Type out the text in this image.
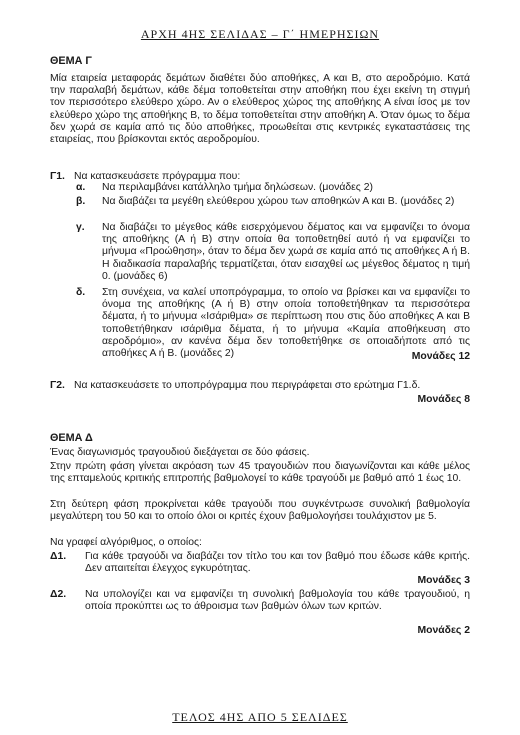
ΑΡΧΗ 4ΗΣ ΣΕΛΙΔΑΣ – Γ΄ ΗΜΕΡΗΣΙΩΝ
ΘΕΜΑ Γ
Μία εταιρεία μεταφοράς δεμάτων διαθέτει δύο αποθήκες, Α και Β, στο αεροδρόμιο. Κατά την παραλαβή δεμάτων, κάθε δέμα τοποθετείται στην αποθήκη που έχει εκείνη τη στιγμή τον περισσότερο ελεύθερο χώρο. Αν ο ελεύθερος χώρος της αποθήκης Α είναι ίσος με τον ελεύθερο χώρο της αποθήκης Β, το δέμα τοποθετείται στην αποθήκη Α. Όταν όμως το δέμα δεν χωρά σε καμία από τις δύο αποθήκες, προωθείται στις κεντρικές εγκαταστάσεις της εταιρείας, που βρίσκονται εκτός αεροδρομίου.
Γ1. Να κατασκευάσετε πρόγραμμα που:
α. Να περιλαμβάνει κατάλληλο τμήμα δηλώσεων. (μονάδες 2)
β. Να διαβάζει τα μεγέθη ελεύθερου χώρου των αποθηκών Α και Β. (μονάδες 2)
γ. Να διαβάζει το μέγεθος κάθε εισερχόμενου δέματος και να εμφανίζει το όνομα της αποθήκης (Α ή Β) στην οποία θα τοποθετηθεί αυτό ή να εμφανίζει το μήνυμα «Προώθηση», όταν το δέμα δεν χωρά σε καμία από τις αποθήκες Α ή Β. Η διαδικασία παραλαβής τερματίζεται, όταν εισαχθεί ως μέγεθος δέματος η τιμή 0. (μονάδες 6)
δ. Στη συνέχεια, να καλεί υποπρόγραμμα, το οποίο να βρίσκει και να εμφανίζει το όνομα της αποθήκης (Α ή Β) στην οποία τοποθετήθηκαν τα περισσότερα δέματα, ή το μήνυμα «Ισάριθμα» σε περίπτωση που στις δύο αποθήκες Α και Β τοποθετήθηκαν ισάριθμα δέματα, ή το μήνυμα «Καμία αποθήκευση στο αεροδρόμιο», αν κανένα δέμα δεν τοποθετήθηκε σε οποιαδήποτε από τις αποθήκες Α ή Β. (μονάδες 2)	Μονάδες 12
Γ2. Να κατασκευάσετε το υποπρόγραμμα που περιγράφεται στο ερώτημα Γ1.δ.
Μονάδες 8
ΘΕΜΑ Δ
Ένας διαγωνισμός τραγουδιού διεξάγεται σε δύο φάσεις.
Στην πρώτη φάση γίνεται ακρόαση των 45 τραγουδιών που διαγωνίζονται και κάθε μέλος της επταμελούς κριτικής επιτροπής βαθμολογεί το κάθε τραγούδι με βαθμό από 1 έως 10.
Στη δεύτερη φάση προκρίνεται κάθε τραγούδι που συγκέντρωσε συνολική βαθμολογία μεγαλύτερη του 50 και το οποίο όλοι οι κριτές έχουν βαθμολογήσει τουλάχιστον με 5.
Να γραφεί αλγόριθμος, ο οποίος:
Δ1. Για κάθε τραγούδι να διαβάζει τον τίτλο του και τον βαθμό που έδωσε κάθε κριτής. Δεν απαιτείται έλεγχος εγκυρότητας.
Μονάδες 3
Δ2. Να υπολογίζει και να εμφανίζει τη συνολική βαθμολογία του κάθε τραγουδιού, η οποία προκύπτει ως το άθροισμα των βαθμών όλων των κριτών.
Μονάδες 2
ΤΕΛΟΣ 4ΗΣ ΑΠΟ 5 ΣΕΛΙΔΕΣ
